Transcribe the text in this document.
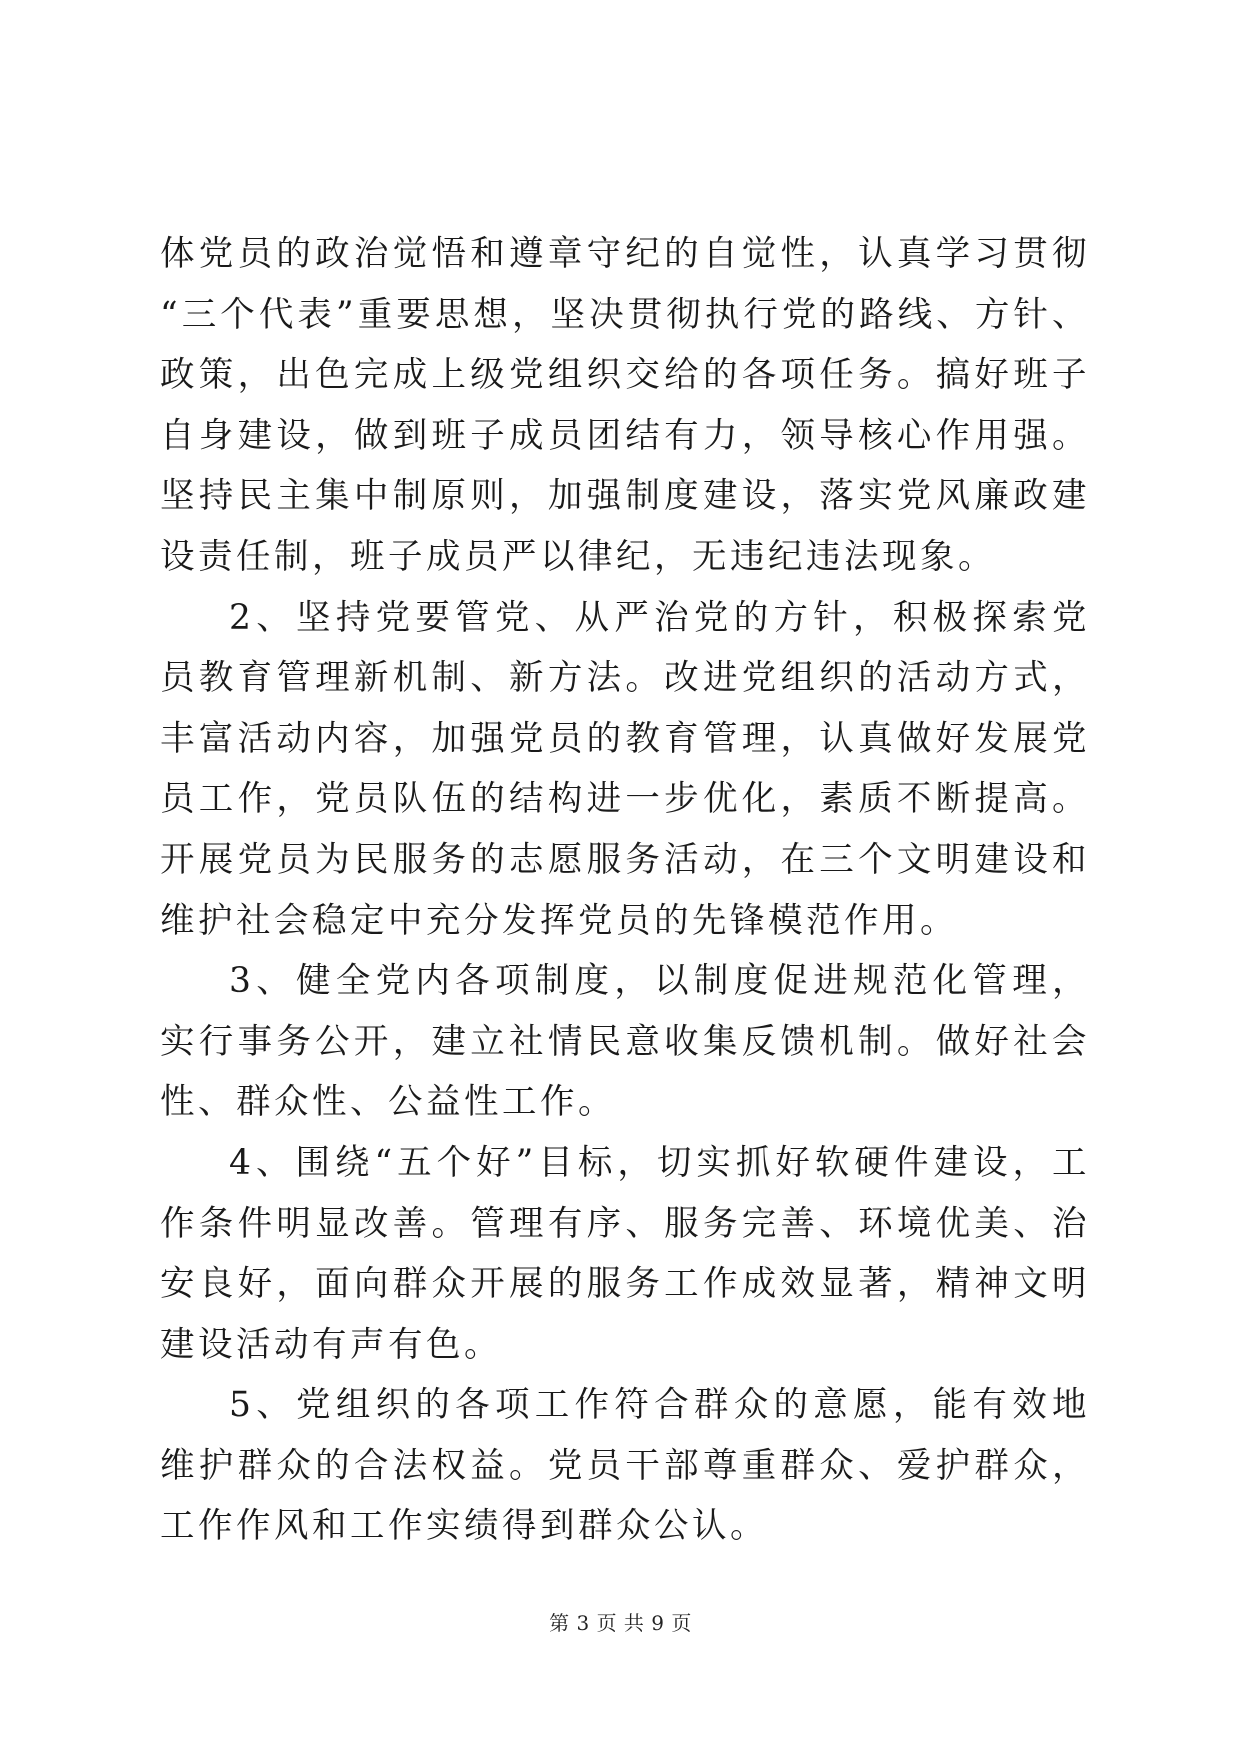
体党员的政治觉悟和遵章守纪的自觉性，认真学习贯彻“三个代表”重要思想，坚决贯彻执行党的路线、方针、政策，出色完成上级党组织交给的各项任务。搞好班子自身建设，做到班子成员团结有力，领导核心作用强。坚持民主集中制原则，加强制度建设，落实党风廉政建设责任制，班子成员严以律纪，无违纪违法现象。

2、坚持党要管党、从严治党的方针，积极探索党员教育管理新机制、新方法。改进党组织的活动方式，丰富活动内容，加强党员的教育管理，认真做好发展党员工作，党员队伍的结构进一步优化，素质不断提高。开展党员为民服务的志愿服务活动，在三个文明建设和维护社会稳定中充分发挥党员的先锋模范作用。

3、健全党内各项制度，以制度促进规范化管理，实行事务公开，建立社情民意收集反馈机制。做好社会性、群众性、公益性工作。

4、围绕“五个好”目标，切实抓好软硬件建设，工作条件明显改善。管理有序、服务完善、环境优美、治安良好，面向群众开展的服务工作成效显著，精神文明建设活动有声有色。

5、党组织的各项工作符合群众的意愿，能有效地维护群众的合法权益。党员干部尊重群众、爱护群众，工作作风和工作实绩得到群众公认。

第 3 页 共 9 页
